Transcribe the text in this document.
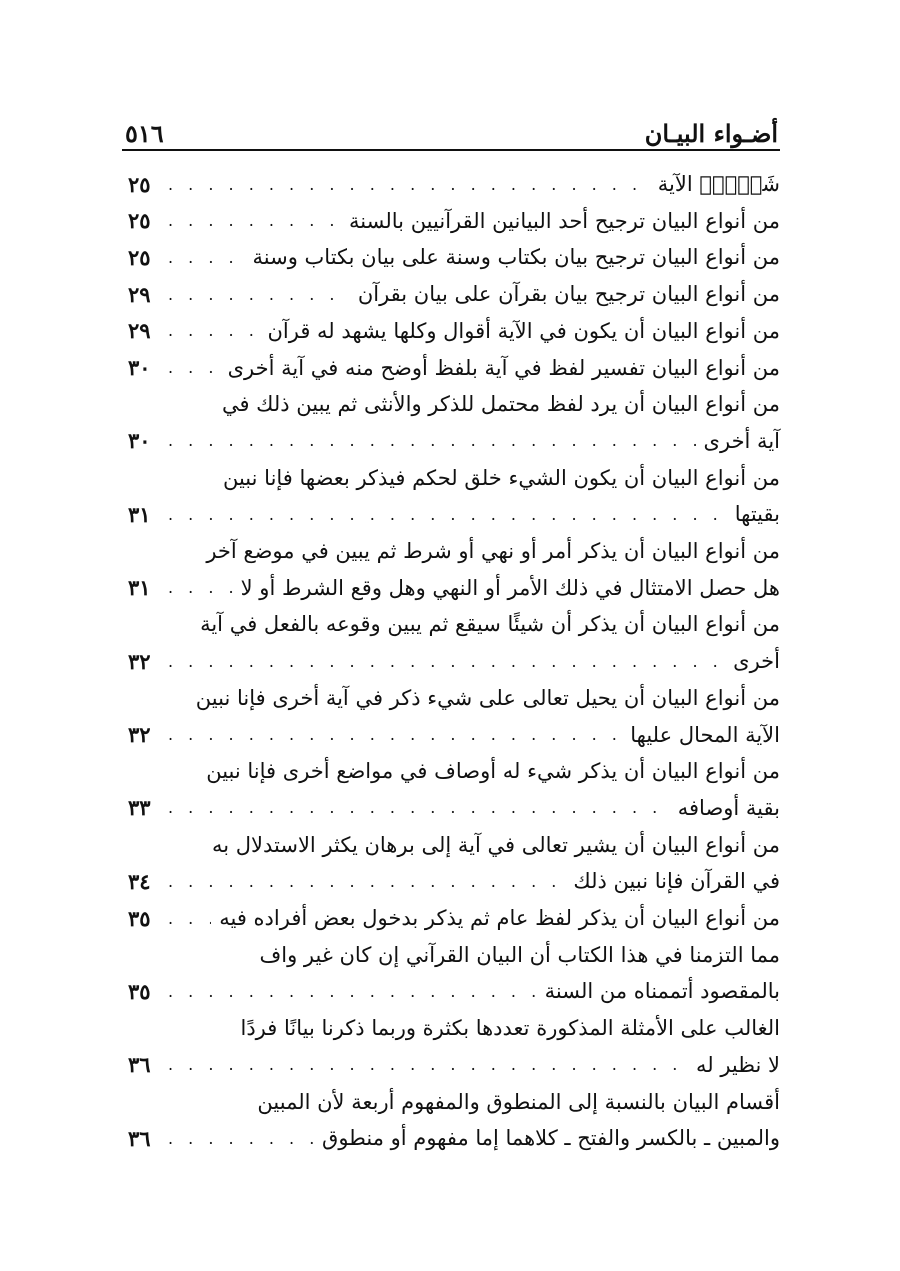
أضـواء البيـان
٥١٦
شَىۡءٖ﴾ الآية
. . .
٢٥
من أنواع البيان ترجيح أحد البيانين القرآنيين بالسنة
. . .
٢٥
من أنواع البيان ترجيح بيان بكتاب وسنة على بيان بكتاب وسنة
. . .
٢٥
من أنواع البيان ترجيح بيان بقرآن على بيان بقرآن
. . .
٢٩
من أنواع البيان أن يكون في الآية أقوال وكلها يشهد له قرآن
. . .
٢٩
من أنواع البيان تفسير لفظ في آية بلفظ أوضح منه في آية أخرى
. . .
٣٠
من أنواع البيان أن يرد لفظ محتمل للذكر والأنثى ثم يبين ذلك في
آية أخرى
. . .
٣٠
من أنواع البيان أن يكون الشيء خلق لحكم فيذكر بعضها فإنا نبين
بقيتها
. . .
٣١
من أنواع البيان أن يذكر أمر أو نهي أو شرط ثم يبين في موضع آخر
هل حصل الامتثال في ذلك الأمر أو النهي وهل وقع الشرط أو لا
. . .
٣١
من أنواع البيان أن يذكر أن شيئًا سيقع ثم يبين وقوعه بالفعل في آية
أخرى
. . .
٣٢
من أنواع البيان أن يحيل تعالى على شيء ذكر في آية أخرى فإنا نبين
الآية المحال عليها
. . .
٣٢
من أنواع البيان أن يذكر شيء له أوصاف في مواضع أخرى فإنا نبين
بقية أوصافه
. . .
٣٣
من أنواع البيان أن يشير تعالى في آية إلى برهان يكثر الاستدلال به
في القرآن فإنا نبين ذلك
. . .
٣٤
من أنواع البيان أن يذكر لفظ عام ثم يذكر بدخول بعض أفراده فيه
. . .
٣٥
مما التزمنا في هذا الكتاب أن البيان القرآني إن كان غير واف
بالمقصود أتممناه من السنة
. . .
٣٥
الغالب على الأمثلة المذكورة تعددها بكثرة وربما ذكرنا بيانًا فردًا
لا نظير له
. . .
٣٦
أقسام البيان بالنسبة إلى المنطوق والمفهوم أربعة لأن المبين
والمبين ـ بالكسر والفتح ـ كلاهما إما مفهوم أو منطوق
. . .
٣٦
